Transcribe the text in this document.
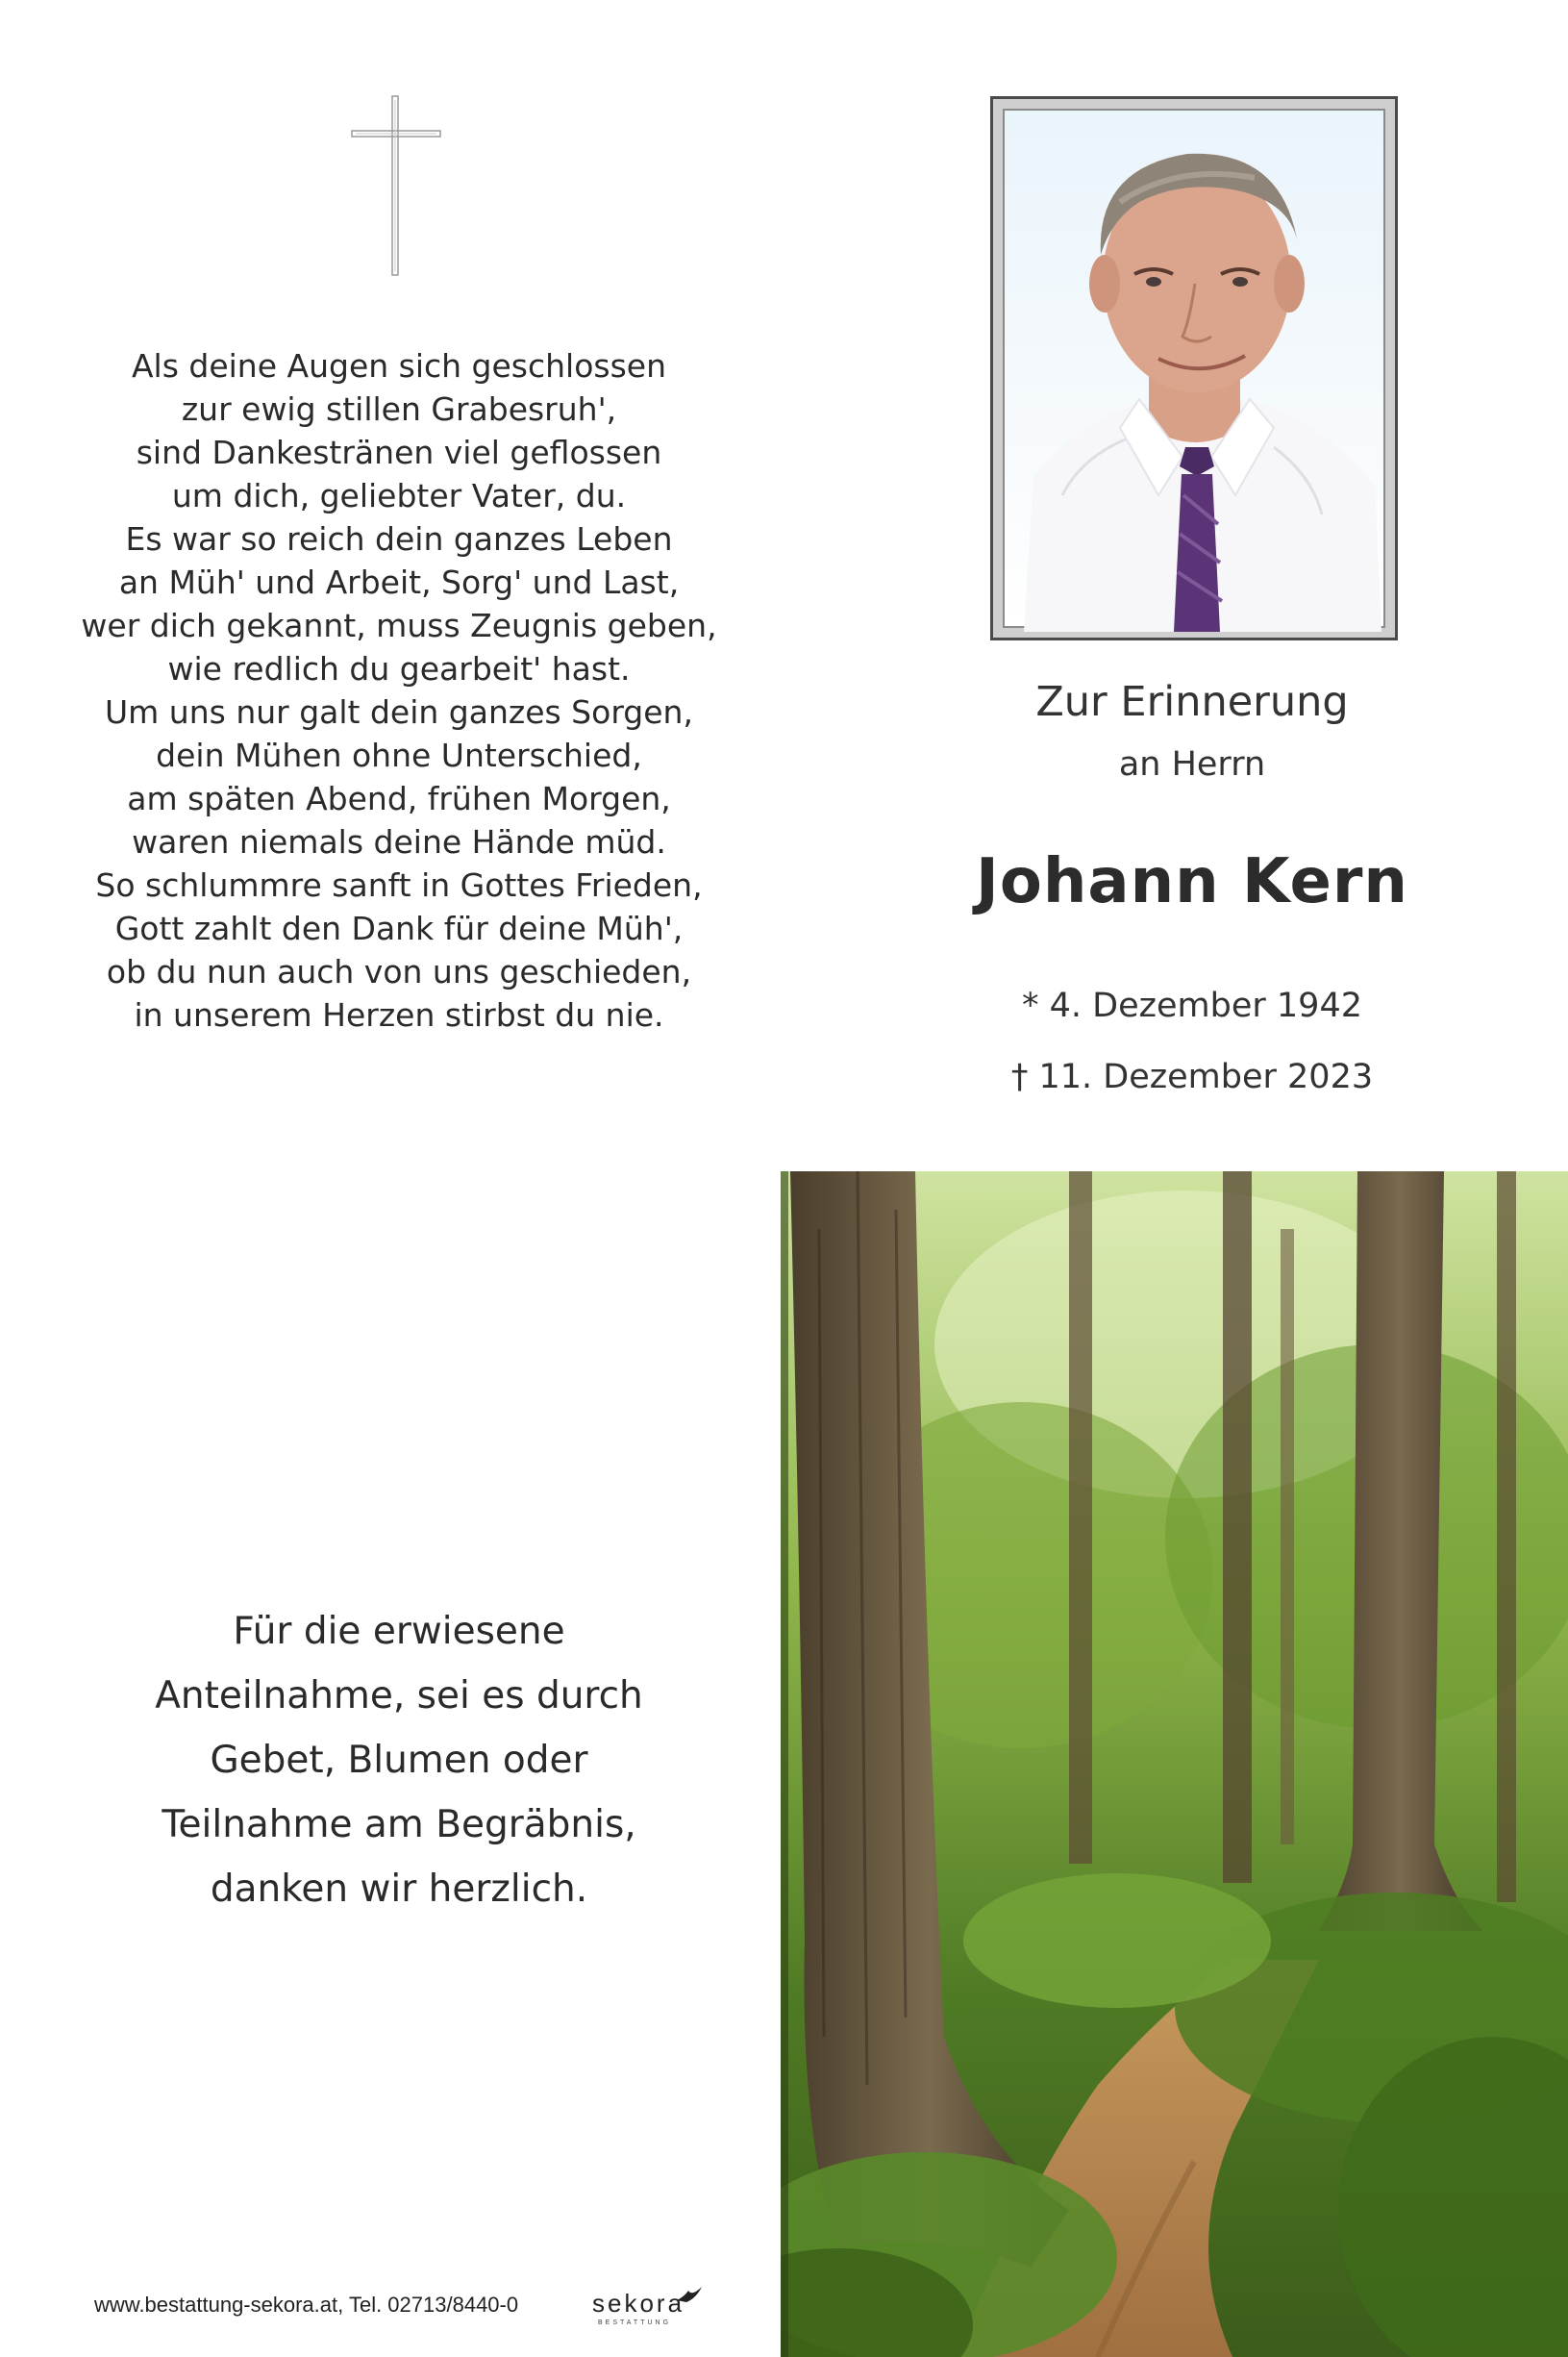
Als deine Augen sich geschlossen
zur ewig stillen Grabesruh',
sind Dankestränen viel geflossen
um dich, geliebter Vater, du.
Es war so reich dein ganzes Leben
an Müh' und Arbeit, Sorg' und Last,
wer dich gekannt, muss Zeugnis geben,
wie redlich du gearbeit' hast.
Um uns nur galt dein ganzes Sorgen,
dein Mühen ohne Unterschied,
am späten Abend, frühen Morgen,
waren niemals deine Hände müd.
So schlummre sanft in Gottes Frieden,
Gott zahlt den Dank für deine Müh',
ob du nun auch von uns geschieden,
in unserem Herzen stirbst du nie.
Zur Erinnerung
an Herrn
Johann Kern
* 4. Dezember 1942
† 11. Dezember 2023
Für die erwiesene
Anteilnahme, sei es durch
Gebet, Blumen oder
Teilnahme am Begräbnis,
danken wir herzlich.
www.bestattung-sekora.at, Tel. 02713/8440-0	sekora
BESTATTUNG
